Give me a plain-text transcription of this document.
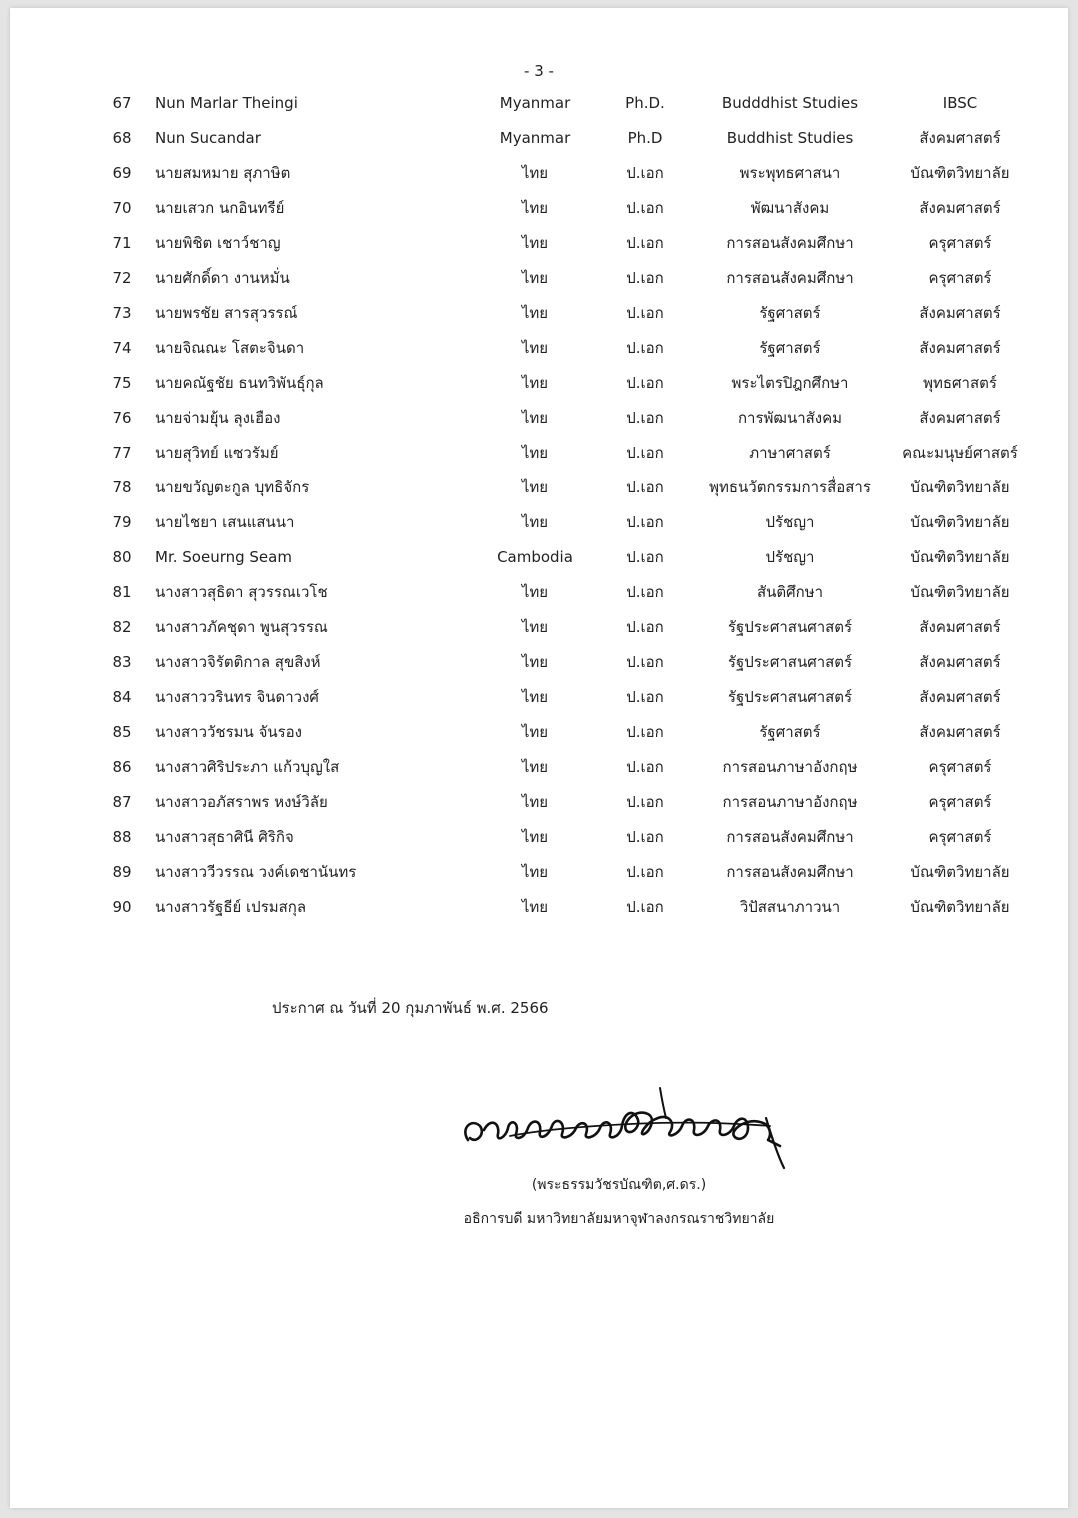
- 3 -
67	Nun Marlar Theingi	Myanmar	Ph.D.	Budddhist Studies	IBSC
68	Nun Sucandar	Myanmar	Ph.D	Buddhist Studies	สังคมศาสตร์
69	นายสมหมาย สุภาษิต	ไทย	ป.เอก	พระพุทธศาสนา	บัณฑิตวิทยาลัย
70	นายเสวก นกอินทรีย์	ไทย	ป.เอก	พัฒนาสังคม	สังคมศาสตร์
71	นายพิชิต เชาว์ชาญ	ไทย	ป.เอก	การสอนสังคมศึกษา	ครุศาสตร์
72	นายศักดิ์ดา งานหมั่น	ไทย	ป.เอก	การสอนสังคมศึกษา	ครุศาสตร์
73	นายพรชัย สารสุวรรณ์	ไทย	ป.เอก	รัฐศาสตร์	สังคมศาสตร์
74	นายจิณณะ โสตะจินดา	ไทย	ป.เอก	รัฐศาสตร์	สังคมศาสตร์
75	นายคณัฐชัย ธนทวิพันธุ์กุล	ไทย	ป.เอก	พระไตรปิฎกศึกษา	พุทธศาสตร์
76	นายจ่ามยุ้น ลุงเฮือง	ไทย	ป.เอก	การพัฒนาสังคม	สังคมศาสตร์
77	นายสุวิทย์ แซวรัมย์	ไทย	ป.เอก	ภาษาศาสตร์	คณะมนุษย์ศาสตร์
78	นายขวัญตะกูล บุทธิจักร	ไทย	ป.เอก	พุทธนวัตกรรมการสื่อสาร	บัณฑิตวิทยาลัย
79	นายไชยา เสนแสนนา	ไทย	ป.เอก	ปรัชญา	บัณฑิตวิทยาลัย
80	Mr. Soeurng Seam	Cambodia	ป.เอก	ปรัชญา	บัณฑิตวิทยาลัย
81	นางสาวสุธิดา สุวรรณเวโช	ไทย	ป.เอก	สันติศึกษา	บัณฑิตวิทยาลัย
82	นางสาวภัคชุดา พูนสุวรรณ	ไทย	ป.เอก	รัฐประศาสนศาสตร์	สังคมศาสตร์
83	นางสาวจิรัตติกาล สุขสิงห์	ไทย	ป.เอก	รัฐประศาสนศาสตร์	สังคมศาสตร์
84	นางสาววรินทร จินดาวงศ์	ไทย	ป.เอก	รัฐประศาสนศาสตร์	สังคมศาสตร์
85	นางสาววัชรมน จันรอง	ไทย	ป.เอก	รัฐศาสตร์	สังคมศาสตร์
86	นางสาวศิริประภา แก้วบุญใส	ไทย	ป.เอก	การสอนภาษาอังกฤษ	ครุศาสตร์
87	นางสาวอภัสราพร หงษ์วิลัย	ไทย	ป.เอก	การสอนภาษาอังกฤษ	ครุศาสตร์
88	นางสาวสุธาศินี ศิริกิจ	ไทย	ป.เอก	การสอนสังคมศึกษา	ครุศาสตร์
89	นางสาววีวรรณ วงค์เดชานันทร	ไทย	ป.เอก	การสอนสังคมศึกษา	บัณฑิตวิทยาลัย
90	นางสาวรัฐธีย์ เปรมสกุล	ไทย	ป.เอก	วิปัสสนาภาวนา	บัณฑิตวิทยาลัย
ประกาศ ณ วันที่ 20 กุมภาพันธ์ พ.ศ. 2566
(พระธรรมวัชรบัณฑิต,ศ.ดร.)
อธิการบดี มหาวิทยาลัยมหาจุฬาลงกรณราชวิทยาลัย
